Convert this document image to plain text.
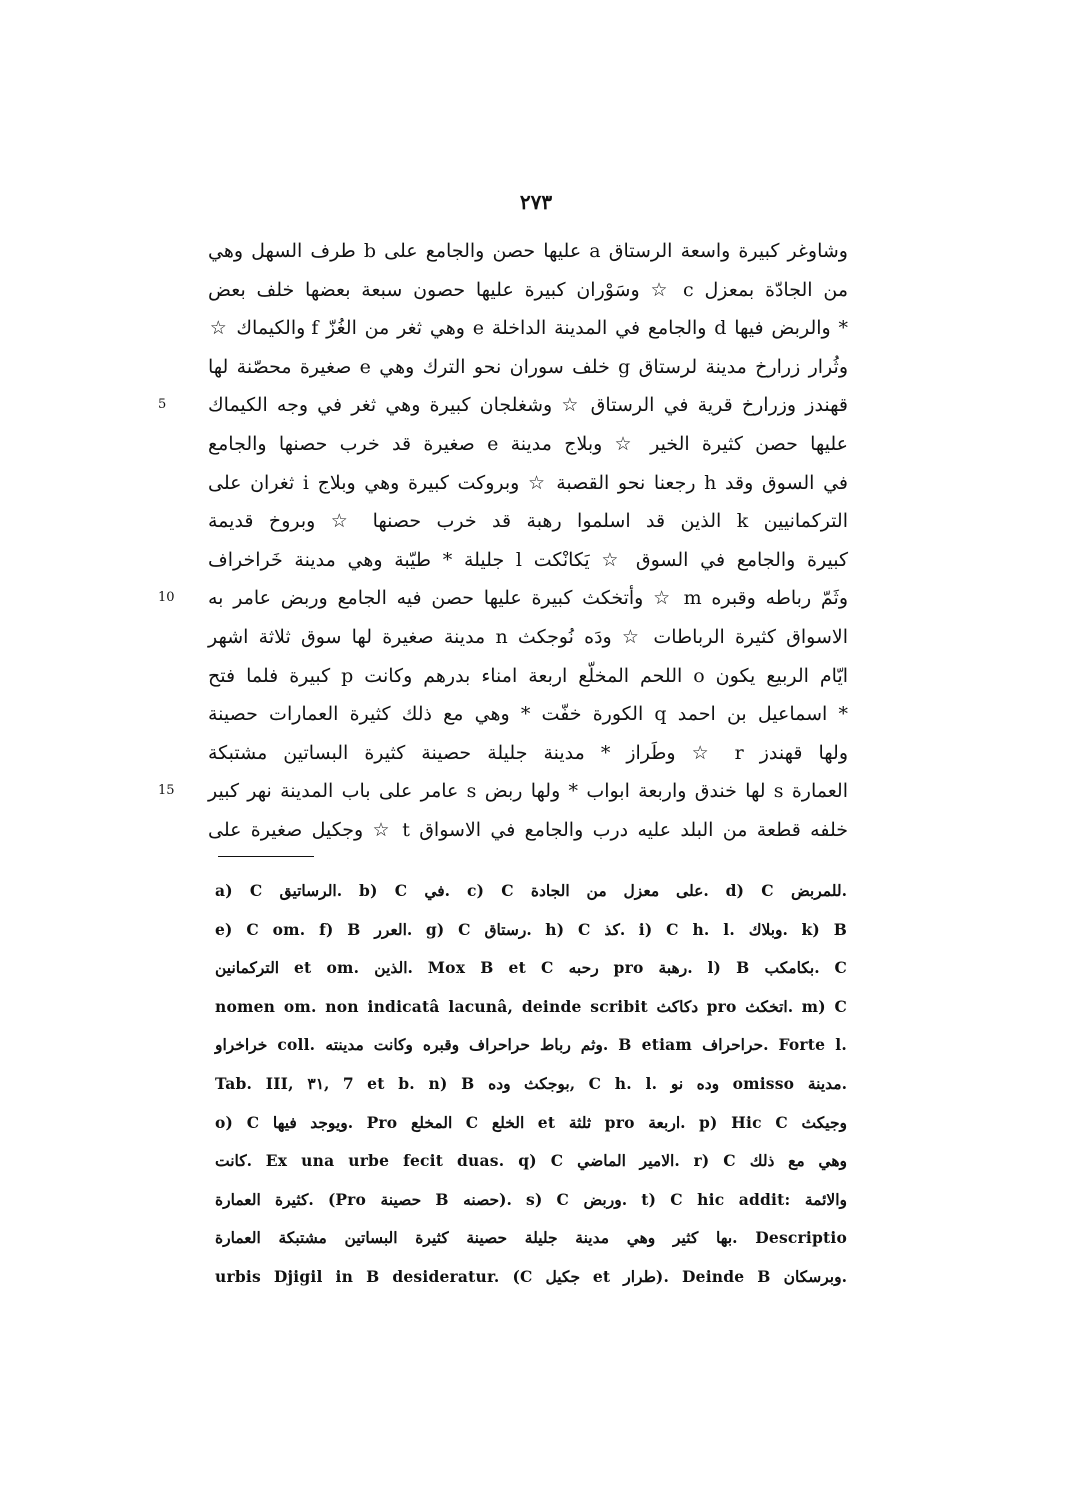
٢٧٣
وشاوغر كبيرة واسعة الرستاق a عليها حصن والجامع على b طرف السهل وهي
من الجادّة بمعزل c ☆ وسَوْران كبيرة عليها حصون سبعة بعضها خلف بعض
* والربض فيها d والجامع في المدينة الداخلة e وهي ثغر من الغُزّ f والكيماك ☆
وثُرار زرارخ مدينة لرستاق g خلف سوران نحو الترك وهي e صغيرة محصّنة لها
5 قهندز وزرارخ قرية في الرستاق ☆ وشغلجان كبيرة وهي ثغر في وجه الكيماك
عليها حصن كثيرة الخير ☆ وبلاج مدينة e صغيرة قد خرب حصنها والجامع
في السوق وقد h رجعنا نحو القصبة ☆ وبروكت كبيرة وهي وبلاج i ثغران على
التركمانيين k الذين قد اسلموا رهبة قد خرب حصنها ☆ وبروخ قديمة
كبيرة والجامع في السوق ☆ يَكانْكت l جليلة * طيّبة وهي مدينة خَراخراف
10 وثَمّ رباطه وقبره m ☆ وأتخكث كبيرة عليها حصن فيه الجامع وربض عامر به
الاسواق كثيرة الرباطات ☆ ودَه نُوجكث n مدينة صغيرة لها سوق ثلاثة اشهر
ايّام الربيع يكون o اللحم المخلّع اربعة امناء بدرهم وكانت p كبيرة فلما فتح
* اسماعيل بن احمد q الكورة خفّت * وهي مع ذلك كثيرة العمارات حصينة
ولها قهندز r ☆ وطَراز * مدينة جليلة حصينة كثيرة البساتين مشتبكة
15 العمارة s لها خندق واربعة ابواب * ولها ربض s عامر على باب المدينة نهر كبير
خلفه قطعة من البلد عليه درب والجامع في الاسواق t ☆ وجكيل صغيرة على
a) C الرساتيق. b) C في. c) C على معزل من الجادة. d) C للمربض.
e) C om. f) B العرر. g) C رستاق. h) C كذ. i) C h. l. وبلاك. k) B
التركمانين et om. الذين. Mox B et C رحبه pro رهبة. l) B بكامكب. C
nomen om. non indicatâ lacunâ, deinde scribit دكاكث pro اتخكث. m) C
خراخراو coll. وثم رباط حراحراف وقبره وكانت مدينته. B etiam حراحراف. Forte l.
Tab. III, ٣١, 7 et b. n) B بوجكث وده, C h. l. وده نو omisso مدينة.
o) C ويوجد فيها. Pro المخلع C الخلع et ثلثة pro اربعة. p) Hic C وجيكث
كانت. Ex una urbe fecit duas. q) C الامير الماضي. r) C وهي مع ذلك
كثيرة العمارة. (Pro حصينة B حصنه). s) C وربض. t) C hic addit: والائمة
بها كثير وهي مدينة جليلة حصينة كثيرة البساتين مشتبكة العمارة. Descriptio
urbis Djigil in B desideratur. (C جكيل et طرار). Deinde B وبرسكان.
